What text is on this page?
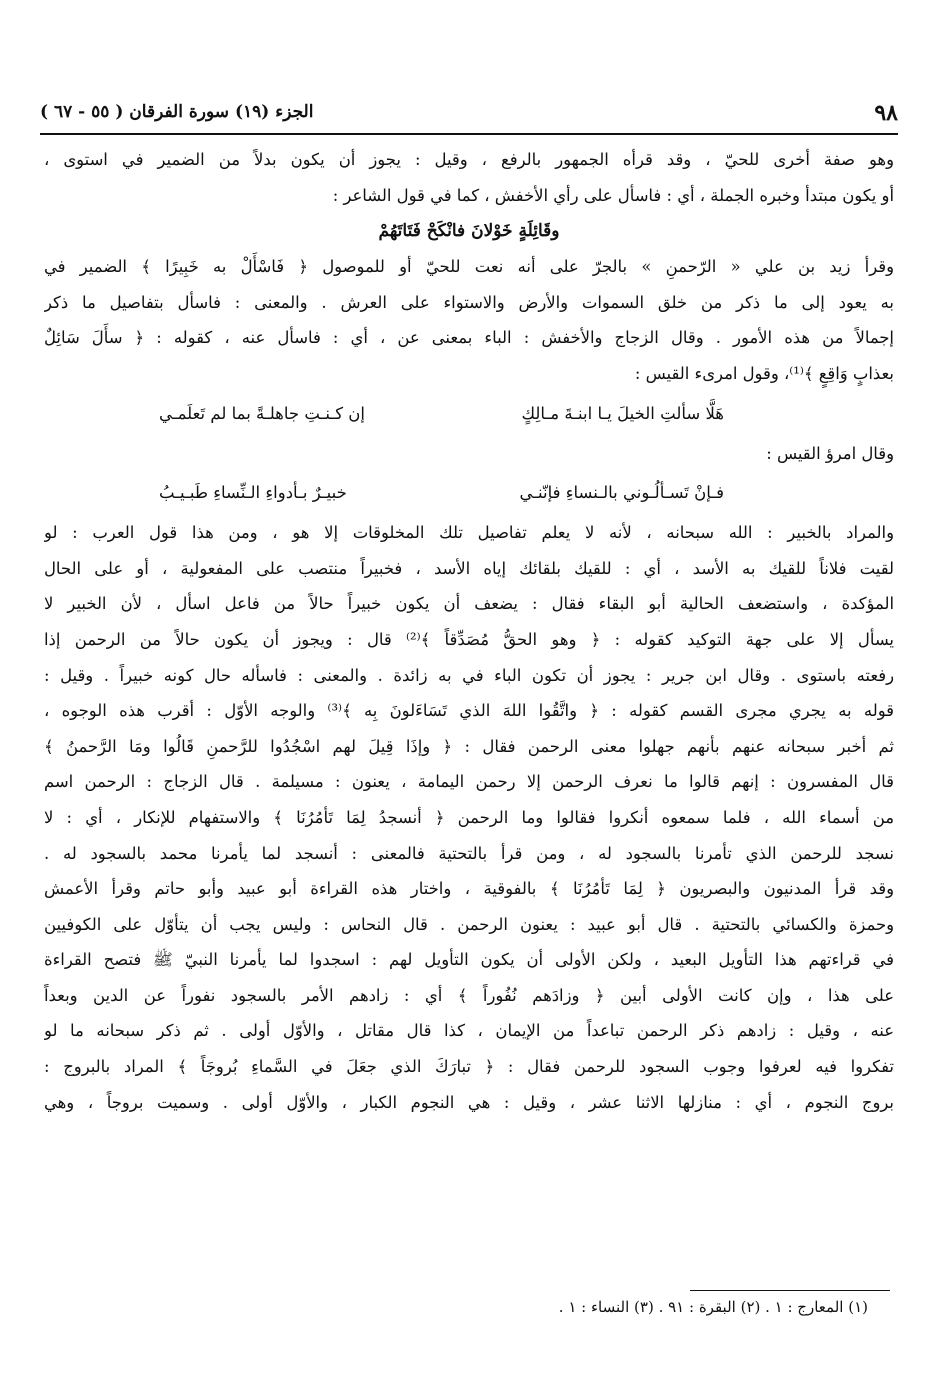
٩٨
الجزء (١٩) سورة الفرقان ( ٥٥ - ٦٧ )
وهو صفة أخرى للحيّ ، وقد قرأه الجمهور بالرفع ، وقيل : يجوز أن يكون بدلاً من الضمير في استوى ،
أو يكون مبتدأ وخبره الجملة ، أي : فاسأل على رأي الأخفش ، كما في قول الشاعر :
وقَائِلَةٍ خَوْلانَ فانْكَحْ فَتَاتَهُمْ
وقرأ زيد بن علي « الرّحمنِ » بالجرّ على أنه نعت للحيّ أو للموصول ﴿ فَاسْأَلْ به خَبِيرًا ﴾ الضمير في
به يعود إلى ما ذكر من خلق السموات والأرض والاستواء على العرش . والمعنى : فاسأل بتفاصيل ما ذكر
إجمالاً من هذه الأمور . وقال الزجاج والأخفش : الباء بمعنى عن ، أي : فاسأل عنه ، كقوله : ﴿ سأَلَ سَائِلٌ
بعذابٍ وَاقِعٍ ﴾⁽¹⁾، وقول امرىء القيس :
هَلَّا سألتِ الخيلَ يـا ابنـةَ مـالِكٍ
إن كـنـتِ جاهلـةً بما لم تَعلَمـي
وقال امرؤ القيس :
فـإنْ تَسـألُـوني بالـنساءِ فإنّنـي
خبيـرٌ بـأدواءِ الـنِّساءِ طَبـيـبُ
والمراد بالخبير : الله سبحانه ، لأنه لا يعلم تفاصيل تلك المخلوقات إلا هو ، ومن هذا قول العرب : لو
لقيت فلاناً للقيك به الأسد ، أي : للقيك بلقائك إياه الأسد ، فخبيراً منتصب على المفعولية ، أو على الحال
المؤكدة ، واستضعف الحالية أبو البقاء فقال : يضعف أن يكون خبيراً حالاً من فاعل اسأل ، لأن الخبير لا
يسأل إلا على جهة التوكيد كقوله : ﴿ وهو الحقُّ مُصَدِّقاً ﴾⁽²⁾ قال : ويجوز أن يكون حالاً من الرحمن إذا
رفعته باستوى . وقال ابن جرير : يجوز أن تكون الباء في به زائدة . والمعنى : فاسأله حال كونه خبيراً . وقيل :
قوله به يجري مجرى القسم كقوله : ﴿ واتَّقُوا اللهَ الذي تَسَاءَلونَ بِه ﴾⁽³⁾ والوجه الأوّل : أقرب هذه الوجوه ،
ثم أخبر سبحانه عنهم بأنهم جهلوا معنى الرحمن فقال : ﴿ وإذَا قِيلَ لهم اسْجُدُوا للرَّحمنِ قَالُوا ومَا الرَّحمنُ ﴾
قال المفسرون : إنهم قالوا ما نعرف الرحمن إلا رحمن اليمامة ، يعنون : مسيلمة . قال الزجاج : الرحمن اسم
من أسماء الله ، فلما سمعوه أنكروا فقالوا وما الرحمن ﴿ أنسجدُ لِمَا تَأمُرُنَا ﴾ والاستفهام للإنكار ، أي : لا
نسجد للرحمن الذي تأمرنا بالسجود له ، ومن قرأ بالتحتية فالمعنى : أنسجد لما يأمرنا محمد بالسجود له .
وقد قرأ المدنيون والبصريون ﴿ لِمَا تَأمُرُنَا ﴾ بالفوقية ، واختار هذه القراءة أبو عبيد وأبو حاتم وقرأ الأعمش
وحمزة والكسائي بالتحتية . قال أبو عبيد : يعنون الرحمن . قال النحاس : وليس يجب أن يتأوّل على الكوفيين
في قراءتهم هذا التأويل البعيد ، ولكن الأولى أن يكون التأويل لهم : اسجدوا لما يأمرنا النبيّ ﷺ فتصح القراءة
على هذا ، وإن كانت الأولى أبين ﴿ وزادَهم نُفُوراً ﴾ أي : زادهم الأمر بالسجود نفوراً عن الدين وبعداً
عنه ، وقيل : زادهم ذكر الرحمن تباعداً من الإيمان ، كذا قال مقاتل ، والأوّل أولى . ثم ذكر سبحانه ما لو
تفكروا فيه لعرفوا وجوب السجود للرحمن فقال : ﴿ تبارَكَ الذي جعَلَ في السَّماءِ بُروجَاً ﴾ المراد بالبروج :
بروج النجوم ، أي : منازلها الاثنا عشر ، وقيل : هي النجوم الكبار ، والأوّل أولى . وسميت بروجاً ، وهي
(١) المعارج : ١ . (٢) البقرة : ٩١ . (٣) النساء : ١ .
